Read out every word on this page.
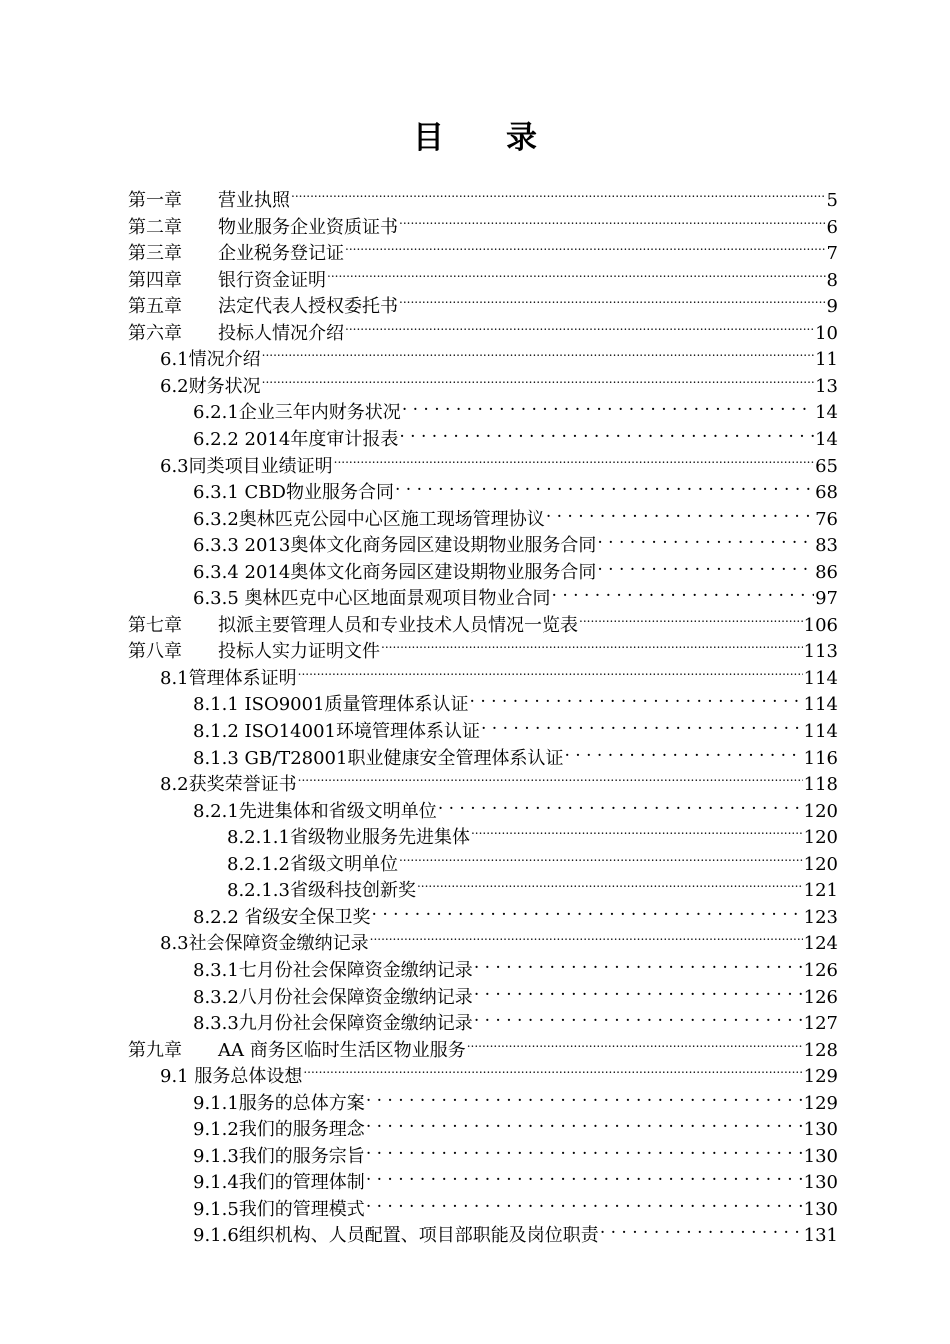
目 录
第一章 营业执照 .....	5
第二章 物业服务企业资质证书 .....	6
第三章 企业税务登记证 .....	7
第四章 银行资金证明 .....	8
第五章 法定代表人授权委托书 .....	9
第六章 投标人情况介绍 .....	10
6.1情况介绍 .....	11
6.2财务状况 .....	13
6.2.1企业三年内财务状况 . . .	14
6.2.2 2014年度审计报表 . . .	14
6.3同类项目业绩证明 .....	65
6.3.1 CBD物业服务合同 . . .	68
6.3.2奥林匹克公园中心区施工现场管理协议 . . .	76
6.3.3 2013奥体文化商务园区建设期物业服务合同 . . .	83
6.3.4 2014奥体文化商务园区建设期物业服务合同 . . .	86
6.3.5 奥林匹克中心区地面景观项目物业合同 . . .	97
第七章 拟派主要管理人员和专业技术人员情况一览表 .....	106
第八章 投标人实力证明文件 .....	113
8.1管理体系证明 .....	114
8.1.1 ISO9001质量管理体系认证 . . .	114
8.1.2 ISO14001环境管理体系认证 . . .	114
8.1.3 GB/T28001职业健康安全管理体系认证 . . .	116
8.2获奖荣誉证书 .....	118
8.2.1先进集体和省级文明单位 . . .	120
8.2.1.1省级物业服务先进集体 .....	120
8.2.1.2省级文明单位 .....	120
8.2.1.3省级科技创新奖 .....	121
8.2.2 省级安全保卫奖 . . .	123
8.3社会保障资金缴纳记录 .....	124
8.3.1七月份社会保障资金缴纳记录 . . .	126
8.3.2八月份社会保障资金缴纳记录 . . .	126
8.3.3九月份社会保障资金缴纳记录 . . .	127
第九章 AA 商务区临时生活区物业服务 .....	128
9.1 服务总体设想 .....	129
9.1.1服务的总体方案 . . .	129
9.1.2我们的服务理念 . . .	130
9.1.3我们的服务宗旨 . . .	130
9.1.4我们的管理体制 . . .	130
9.1.5我们的管理模式 . . .	130
9.1.6组织机构、人员配置、项目部职能及岗位职责 . . .	131
